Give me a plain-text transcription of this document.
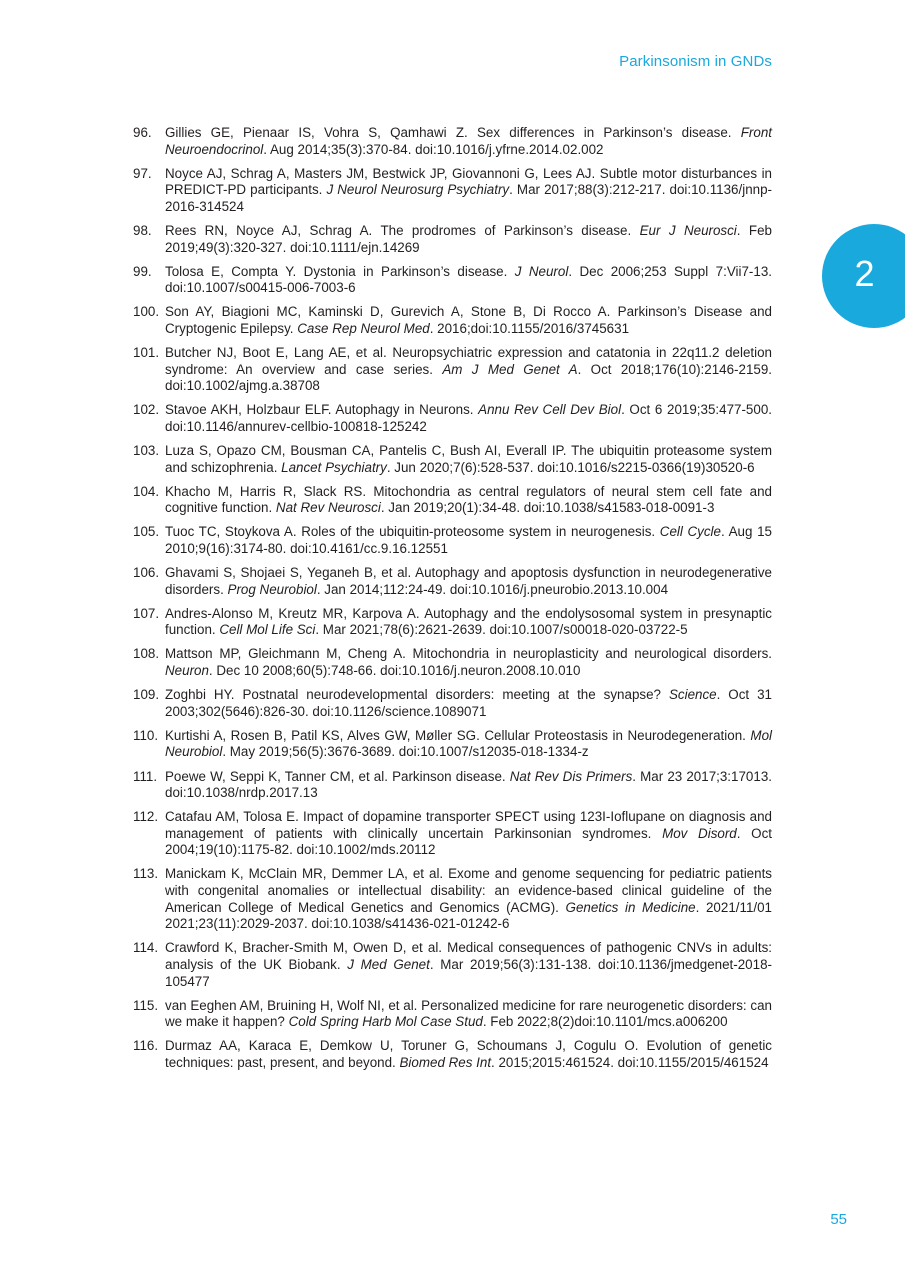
Parkinsonism in GNDs
2
96. Gillies GE, Pienaar IS, Vohra S, Qamhawi Z. Sex differences in Parkinson’s disease. Front Neuroendocrinol. Aug 2014;35(3):370-84. doi:10.1016/j.yfrne.2014.02.002
97. Noyce AJ, Schrag A, Masters JM, Bestwick JP, Giovannoni G, Lees AJ. Subtle motor disturbances in PREDICT-PD participants. J Neurol Neurosurg Psychiatry. Mar 2017;88(3):212-217. doi:10.1136/jnnp-2016-314524
98. Rees RN, Noyce AJ, Schrag A. The prodromes of Parkinson’s disease. Eur J Neurosci. Feb 2019;49(3):320-327. doi:10.1111/ejn.14269
99. Tolosa E, Compta Y. Dystonia in Parkinson’s disease. J Neurol. Dec 2006;253 Suppl 7:Vii7-13. doi:10.1007/s00415-006-7003-6
100. Son AY, Biagioni MC, Kaminski D, Gurevich A, Stone B, Di Rocco A. Parkinson’s Disease and Cryptogenic Epilepsy. Case Rep Neurol Med. 2016;doi:10.1155/2016/3745631
101. Butcher NJ, Boot E, Lang AE, et al. Neuropsychiatric expression and catatonia in 22q11.2 deletion syndrome: An overview and case series. Am J Med Genet A. Oct 2018;176(10):2146-2159. doi:10.1002/ajmg.a.38708
102. Stavoe AKH, Holzbaur ELF. Autophagy in Neurons. Annu Rev Cell Dev Biol. Oct 6 2019;35:477-500. doi:10.1146/annurev-cellbio-100818-125242
103. Luza S, Opazo CM, Bousman CA, Pantelis C, Bush AI, Everall IP. The ubiquitin proteasome system and schizophrenia. Lancet Psychiatry. Jun 2020;7(6):528-537. doi:10.1016/s2215-0366(19)30520-6
104. Khacho M, Harris R, Slack RS. Mitochondria as central regulators of neural stem cell fate and cognitive function. Nat Rev Neurosci. Jan 2019;20(1):34-48. doi:10.1038/s41583-018-0091-3
105. Tuoc TC, Stoykova A. Roles of the ubiquitin-proteosome system in neurogenesis. Cell Cycle. Aug 15 2010;9(16):3174-80. doi:10.4161/cc.9.16.12551
106. Ghavami S, Shojaei S, Yeganeh B, et al. Autophagy and apoptosis dysfunction in neurodegenerative disorders. Prog Neurobiol. Jan 2014;112:24-49. doi:10.1016/j.pneurobio.2013.10.004
107. Andres-Alonso M, Kreutz MR, Karpova A. Autophagy and the endolysosomal system in presynaptic function. Cell Mol Life Sci. Mar 2021;78(6):2621-2639. doi:10.1007/s00018-020-03722-5
108. Mattson MP, Gleichmann M, Cheng A. Mitochondria in neuroplasticity and neurological disorders. Neuron. Dec 10 2008;60(5):748-66. doi:10.1016/j.neuron.2008.10.010
109. Zoghbi HY. Postnatal neurodevelopmental disorders: meeting at the synapse? Science. Oct 31 2003;302(5646):826-30. doi:10.1126/science.1089071
110. Kurtishi A, Rosen B, Patil KS, Alves GW, Møller SG. Cellular Proteostasis in Neurodegeneration. Mol Neurobiol. May 2019;56(5):3676-3689. doi:10.1007/s12035-018-1334-z
111. Poewe W, Seppi K, Tanner CM, et al. Parkinson disease. Nat Rev Dis Primers. Mar 23 2017;3:17013. doi:10.1038/nrdp.2017.13
112. Catafau AM, Tolosa E. Impact of dopamine transporter SPECT using 123I-Ioflupane on diagnosis and management of patients with clinically uncertain Parkinsonian syndromes. Mov Disord. Oct 2004;19(10):1175-82. doi:10.1002/mds.20112
113. Manickam K, McClain MR, Demmer LA, et al. Exome and genome sequencing for pediatric patients with congenital anomalies or intellectual disability: an evidence-based clinical guideline of the American College of Medical Genetics and Genomics (ACMG). Genetics in Medicine. 2021/11/01 2021;23(11):2029-2037. doi:10.1038/s41436-021-01242-6
114. Crawford K, Bracher-Smith M, Owen D, et al. Medical consequences of pathogenic CNVs in adults: analysis of the UK Biobank. J Med Genet. Mar 2019;56(3):131-138. doi:10.1136/jmedgenet-2018-105477
115. van Eeghen AM, Bruining H, Wolf NI, et al. Personalized medicine for rare neurogenetic disorders: can we make it happen? Cold Spring Harb Mol Case Stud. Feb 2022;8(2)doi:10.1101/mcs.a006200
116. Durmaz AA, Karaca E, Demkow U, Toruner G, Schoumans J, Cogulu O. Evolution of genetic techniques: past, present, and beyond. Biomed Res Int. 2015;2015:461524. doi:10.1155/2015/461524
55
